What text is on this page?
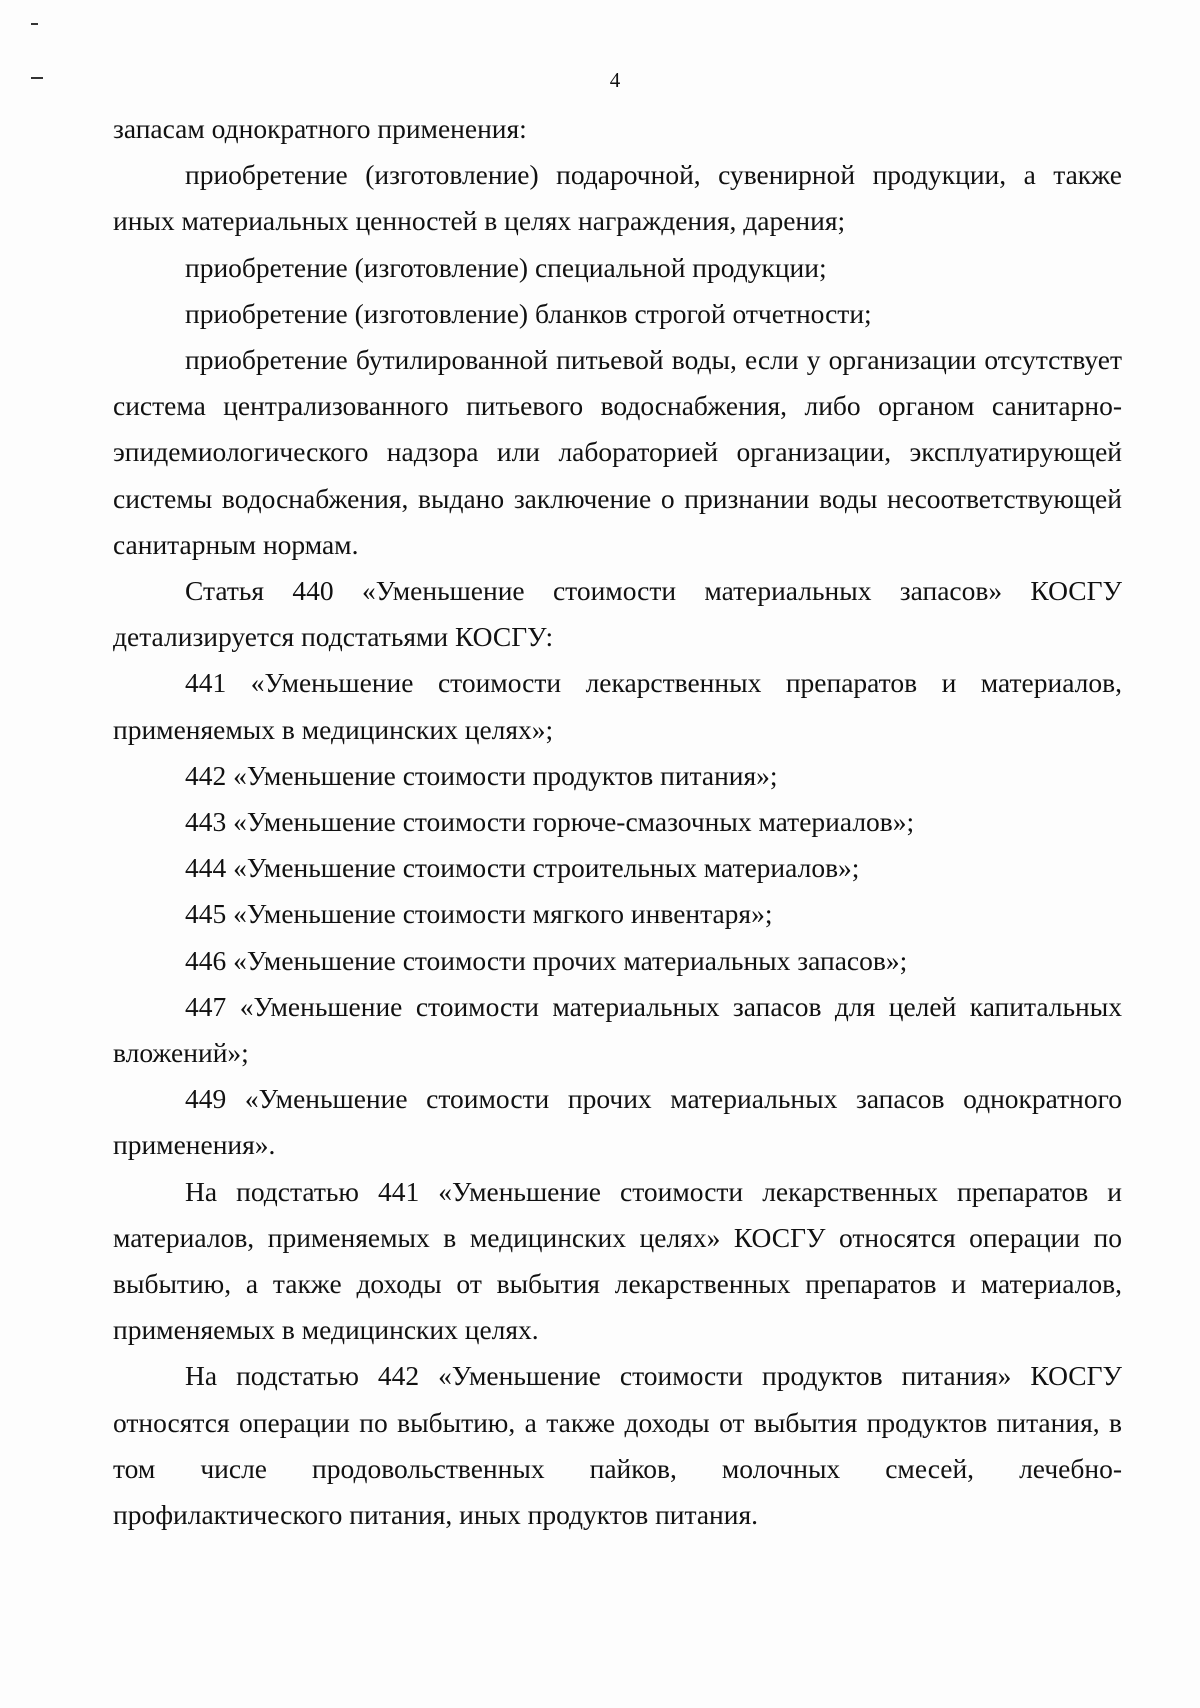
4

запасам однократного применения:

приобретение (изготовление) подарочной, сувенирной продукции, а также иных материальных ценностей в целях награждения, дарения;

приобретение (изготовление) специальной продукции;

приобретение (изготовление) бланков строгой отчетности;

приобретение бутилированной питьевой воды, если у организации отсутствует система централизованного питьевого водоснабжения, либо органом санитарно-эпидемиологического надзора или лабораторией организации, эксплуатирующей системы водоснабжения, выдано заключение о признании воды несоответствующей санитарным нормам.

Статья 440 «Уменьшение стоимости материальных запасов» КОСГУ детализируется подстатьями КОСГУ:

441 «Уменьшение стоимости лекарственных препаратов и материалов, применяемых в медицинских целях»;

442 «Уменьшение стоимости продуктов питания»;

443 «Уменьшение стоимости горюче-смазочных материалов»;

444 «Уменьшение стоимости строительных материалов»;

445 «Уменьшение стоимости мягкого инвентаря»;

446 «Уменьшение стоимости прочих материальных запасов»;

447 «Уменьшение стоимости материальных запасов для целей капитальных вложений»;

449 «Уменьшение стоимости прочих материальных запасов однократного применения».

На подстатью 441 «Уменьшение стоимости лекарственных препаратов и материалов, применяемых в медицинских целях» КОСГУ относятся операции по выбытию, а также доходы от выбытия лекарственных препаратов и материалов, применяемых в медицинских целях.

На подстатью 442 «Уменьшение стоимости продуктов питания» КОСГУ относятся операции по выбытию, а также доходы от выбытия продуктов питания, в том числе продовольственных пайков, молочных смесей, лечебно-профилактического питания, иных продуктов питания.
